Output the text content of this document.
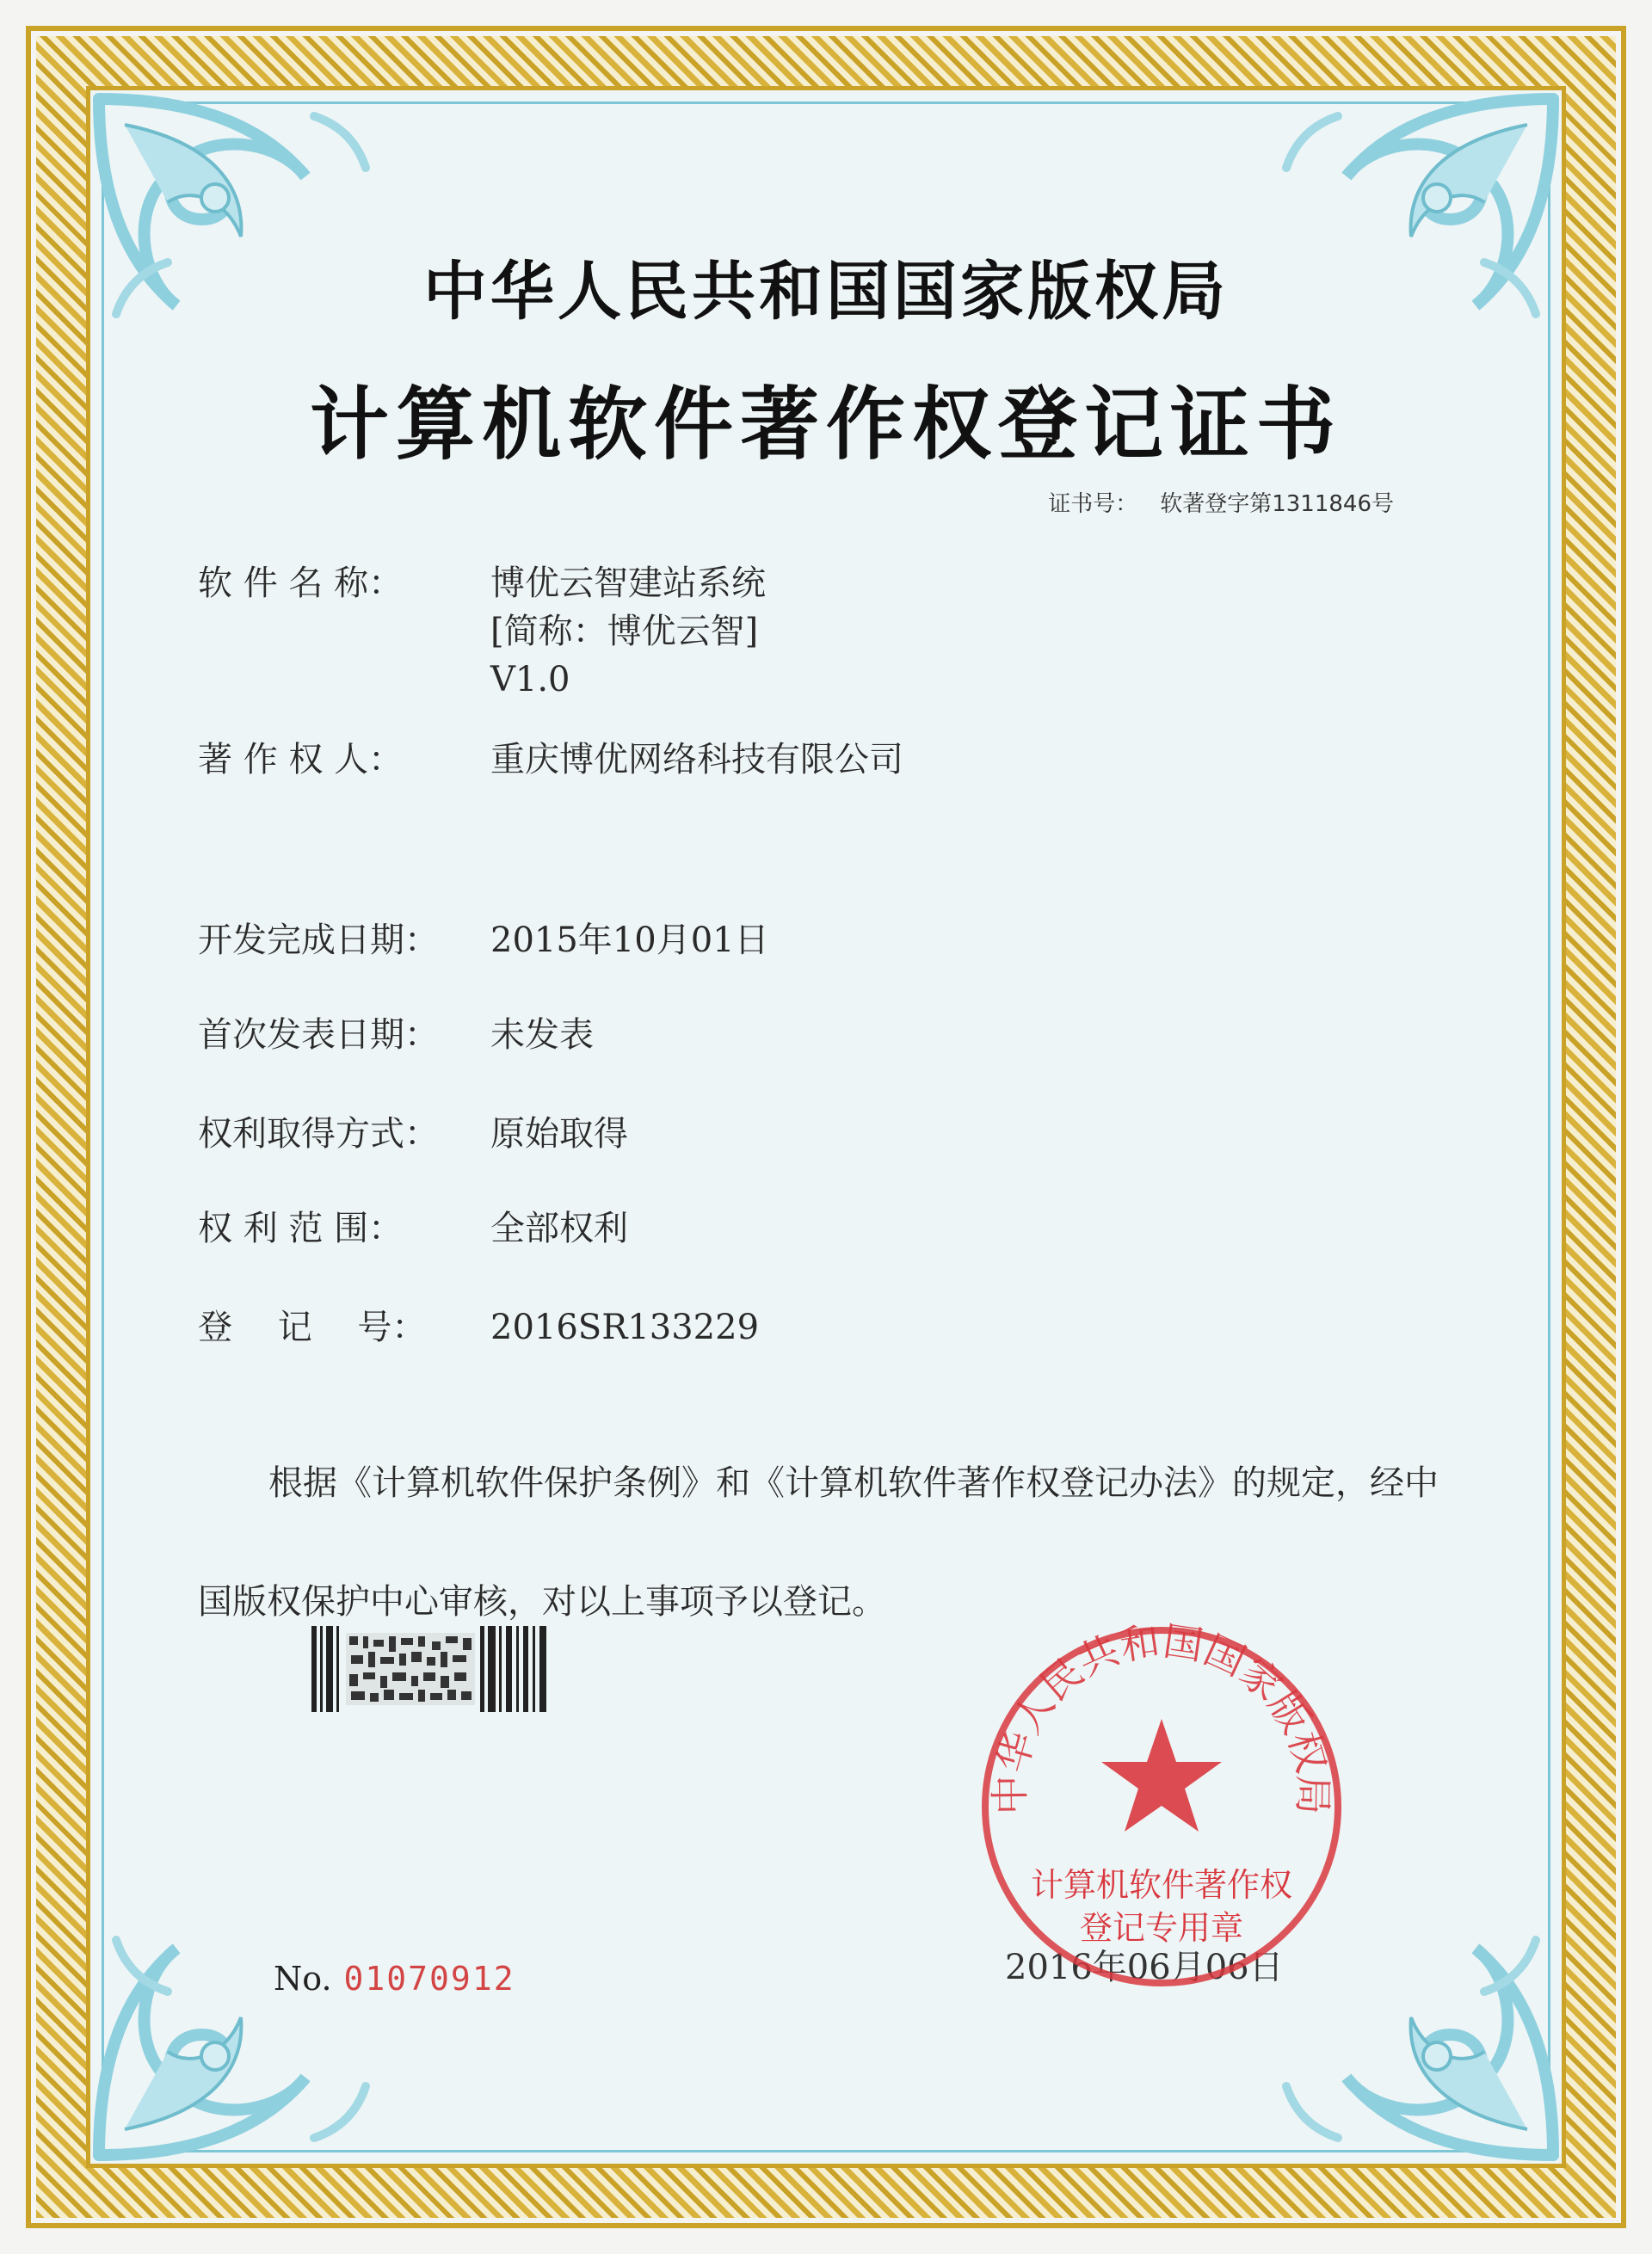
中华人民共和国国家版权局
计算机软件著作权登记证书
证书号： 软著登字第1311846号
软 件 名 称：	博优云智建站系统
[简称：博优云智]
V1.0
著 作 权 人：	重庆博优网络科技有限公司
开发完成日期： 2015年10月01日
首次发表日期： 未发表
权利取得方式： 原始取得
权 利 范 围：	全部权利
登　 记　 号： 2016SR133229
根据《计算机软件保护条例》和《计算机软件著作权登记办法》的规定，经中国版权保护中心审核，对以上事项予以登记。
No. 01070912	2016年06月06日
中华人民共和国国家版权局
计算机软件著作权
登记专用章
